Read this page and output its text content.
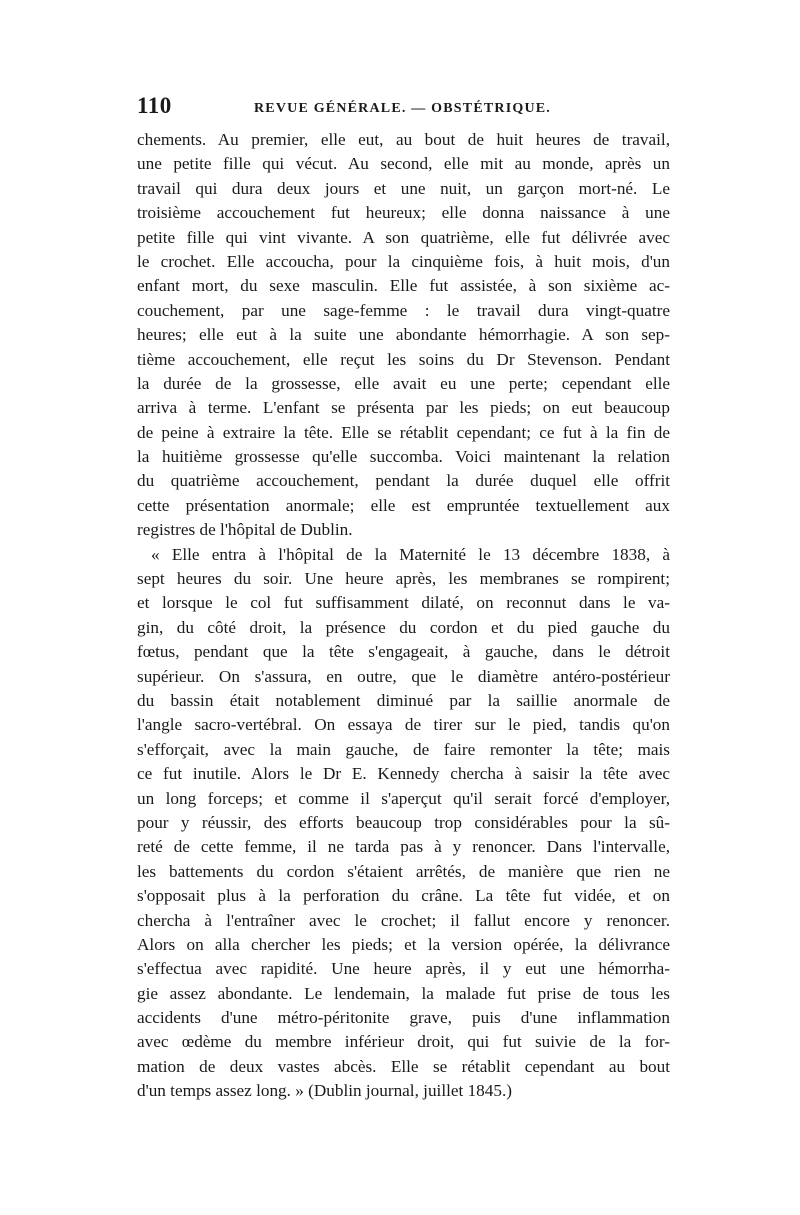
110	REVUE GÉNÉRALE. — OBSTÉTRIQUE.
chements. Au premier, elle eut, au bout de huit heures de travail,
une petite fille qui vécut. Au second, elle mit au monde, après un
travail qui dura deux jours et une nuit, un garçon mort-né. Le
troisième accouchement fut heureux; elle donna naissance à une
petite fille qui vint vivante. A son quatrième, elle fut délivrée avec
le crochet. Elle accoucha, pour la cinquième fois, à huit mois, d'un
enfant mort, du sexe masculin. Elle fut assistée, à son sixième ac-
couchement, par une sage-femme : le travail dura vingt-quatre
heures; elle eut à la suite une abondante hémorrhagie. A son sep-
tième accouchement, elle reçut les soins du Dr Stevenson. Pendant
la durée de la grossesse, elle avait eu une perte; cependant elle
arriva à terme. L'enfant se présenta par les pieds; on eut beaucoup
de peine à extraire la tête. Elle se rétablit cependant; ce fut à la fin de
la huitième grossesse qu'elle succomba. Voici maintenant la relation
du quatrième accouchement, pendant la durée duquel elle offrit
cette présentation anormale; elle est empruntée textuellement aux
registres de l'hôpital de Dublin.
« Elle entra à l'hôpital de la Maternité le 13 décembre 1838, à
sept heures du soir. Une heure après, les membranes se rompirent;
et lorsque le col fut suffisamment dilaté, on reconnut dans le va-
gin, du côté droit, la présence du cordon et du pied gauche du
fœtus, pendant que la tête s'engageait, à gauche, dans le détroit
supérieur. On s'assura, en outre, que le diamètre antéro-postérieur
du bassin était notablement diminué par la saillie anormale de
l'angle sacro-vertébral. On essaya de tirer sur le pied, tandis qu'on
s'efforçait, avec la main gauche, de faire remonter la tête; mais
ce fut inutile. Alors le Dr E. Kennedy chercha à saisir la tête avec
un long forceps; et comme il s'aperçut qu'il serait forcé d'employer,
pour y réussir, des efforts beaucoup trop considérables pour la sû-
reté de cette femme, il ne tarda pas à y renoncer. Dans l'intervalle,
les battements du cordon s'étaient arrêtés, de manière que rien ne
s'opposait plus à la perforation du crâne. La tête fut vidée, et on
chercha à l'entraîner avec le crochet; il fallut encore y renoncer.
Alors on alla chercher les pieds; et la version opérée, la délivrance
s'effectua avec rapidité. Une heure après, il y eut une hémorrha-
gie assez abondante. Le lendemain, la malade fut prise de tous les
accidents d'une métro-péritonite grave, puis d'une inflammation
avec œdème du membre inférieur droit, qui fut suivie de la for-
mation de deux vastes abcès. Elle se rétablit cependant au bout
d'un temps assez long. » (Dublin journal, juillet 1845.)
